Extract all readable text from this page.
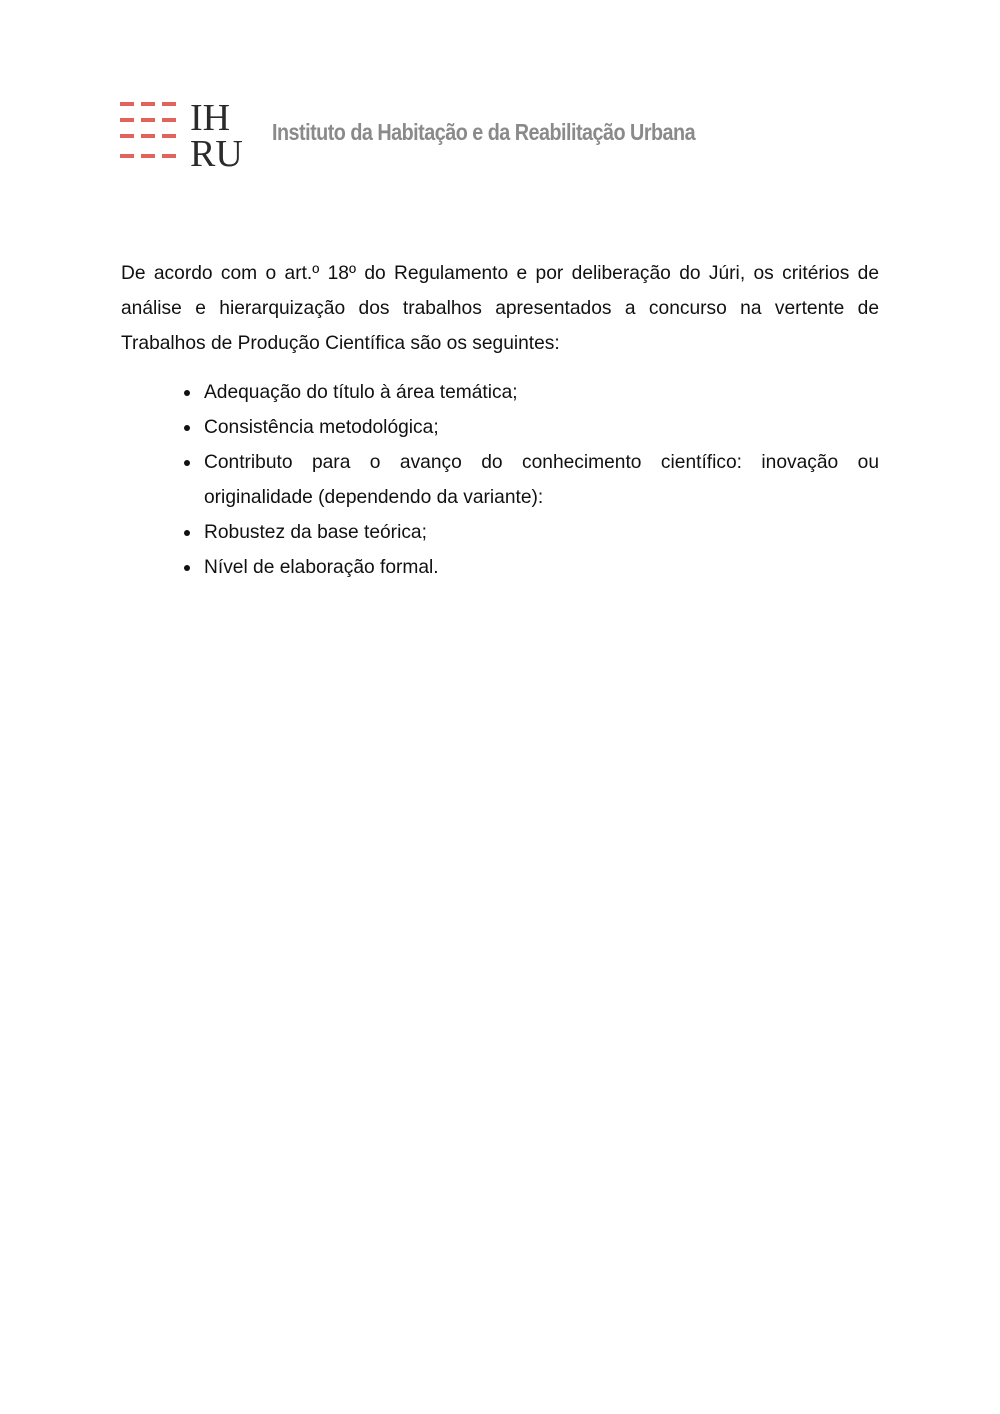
IH
RU
Instituto da Habitação e da Reabilitação Urbana

De acordo com o art.º 18º do Regulamento e por deliberação do Júri, os critérios de análise e hierarquização dos trabalhos apresentados a concurso na vertente de Trabalhos de Produção Científica são os seguintes:

Adequação do título à área temática;
Consistência metodológica;
Contributo para o avanço do conhecimento científico: inovação ou originalidade (dependendo da variante):
Robustez da base teórica;
Nível de elaboração formal.
